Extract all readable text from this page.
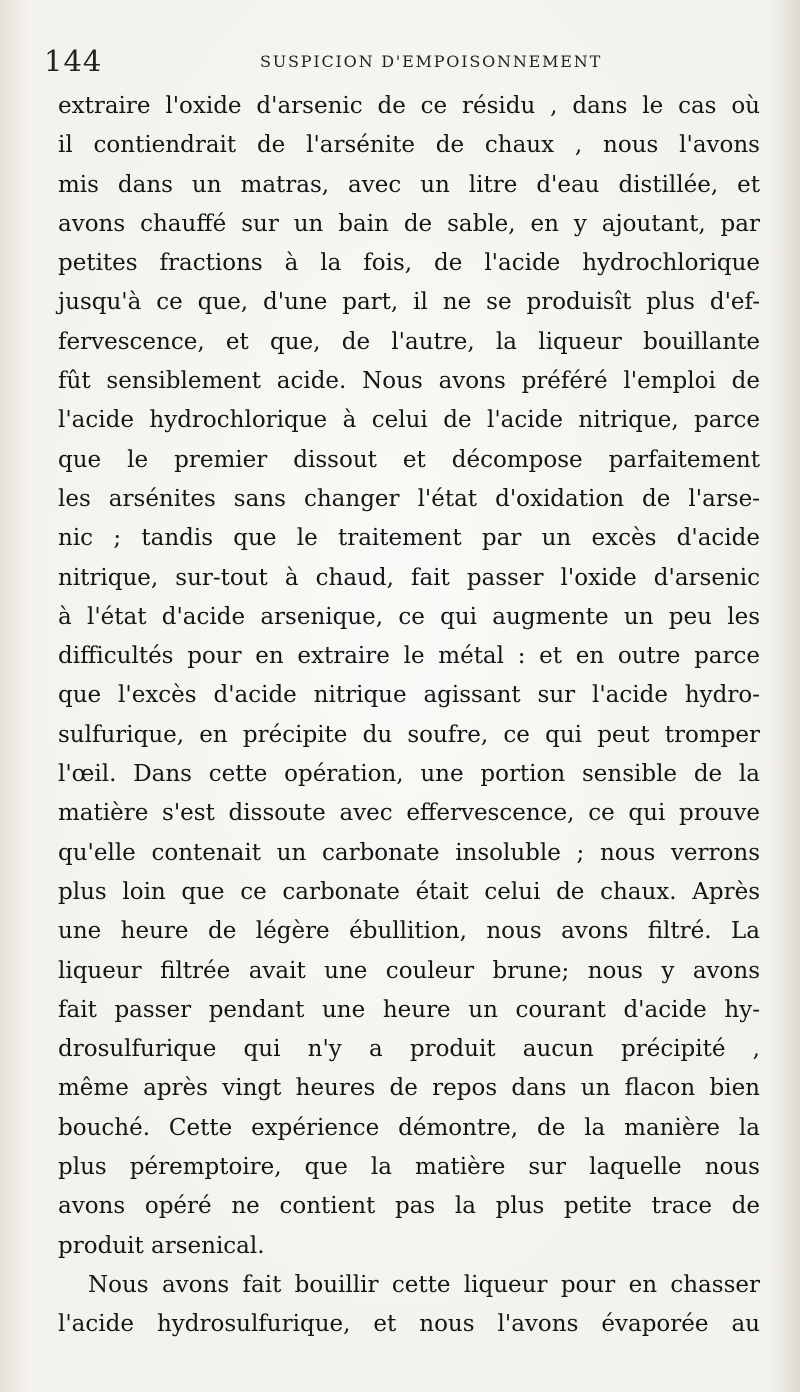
144	SUSPICION D'EMPOISONNEMENT
extraire l'oxide d'arsenic de ce résidu , dans le cas où
il contiendrait de l'arsénite de chaux , nous l'avons
mis dans un matras, avec un litre d'eau distillée, et
avons chauffé sur un bain de sable, en y ajoutant, par
petites fractions à la fois, de l'acide hydrochlorique
jusqu'à ce que, d'une part, il ne se produisît plus d'ef-
fervescence, et que, de l'autre, la liqueur bouillante
fût sensiblement acide. Nous avons préféré l'emploi de
l'acide hydrochlorique à celui de l'acide nitrique, parce
que le premier dissout et décompose parfaitement
les arsénites sans changer l'état d'oxidation de l'arse-
nic ; tandis que le traitement par un excès d'acide
nitrique, sur-tout à chaud, fait passer l'oxide d'arsenic
à l'état d'acide arsenique, ce qui augmente un peu les
difficultés pour en extraire le métal : et en outre parce
que l'excès d'acide nitrique agissant sur l'acide hydro-
sulfurique, en précipite du soufre, ce qui peut tromper
l'œil. Dans cette opération, une portion sensible de la
matière s'est dissoute avec effervescence, ce qui prouve
qu'elle contenait un carbonate insoluble ; nous verrons
plus loin que ce carbonate était celui de chaux. Après
une heure de légère ébullition, nous avons filtré. La
liqueur filtrée avait une couleur brune; nous y avons
fait passer pendant une heure un courant d'acide hy-
drosulfurique qui n'y a produit aucun précipité ,
même après vingt heures de repos dans un flacon bien
bouché. Cette expérience démontre, de la manière la
plus péremptoire, que la matière sur laquelle nous
avons opéré ne contient pas la plus petite trace de
produit arsenical.
Nous avons fait bouillir cette liqueur pour en chasser
l'acide hydrosulfurique, et nous l'avons évaporée au
